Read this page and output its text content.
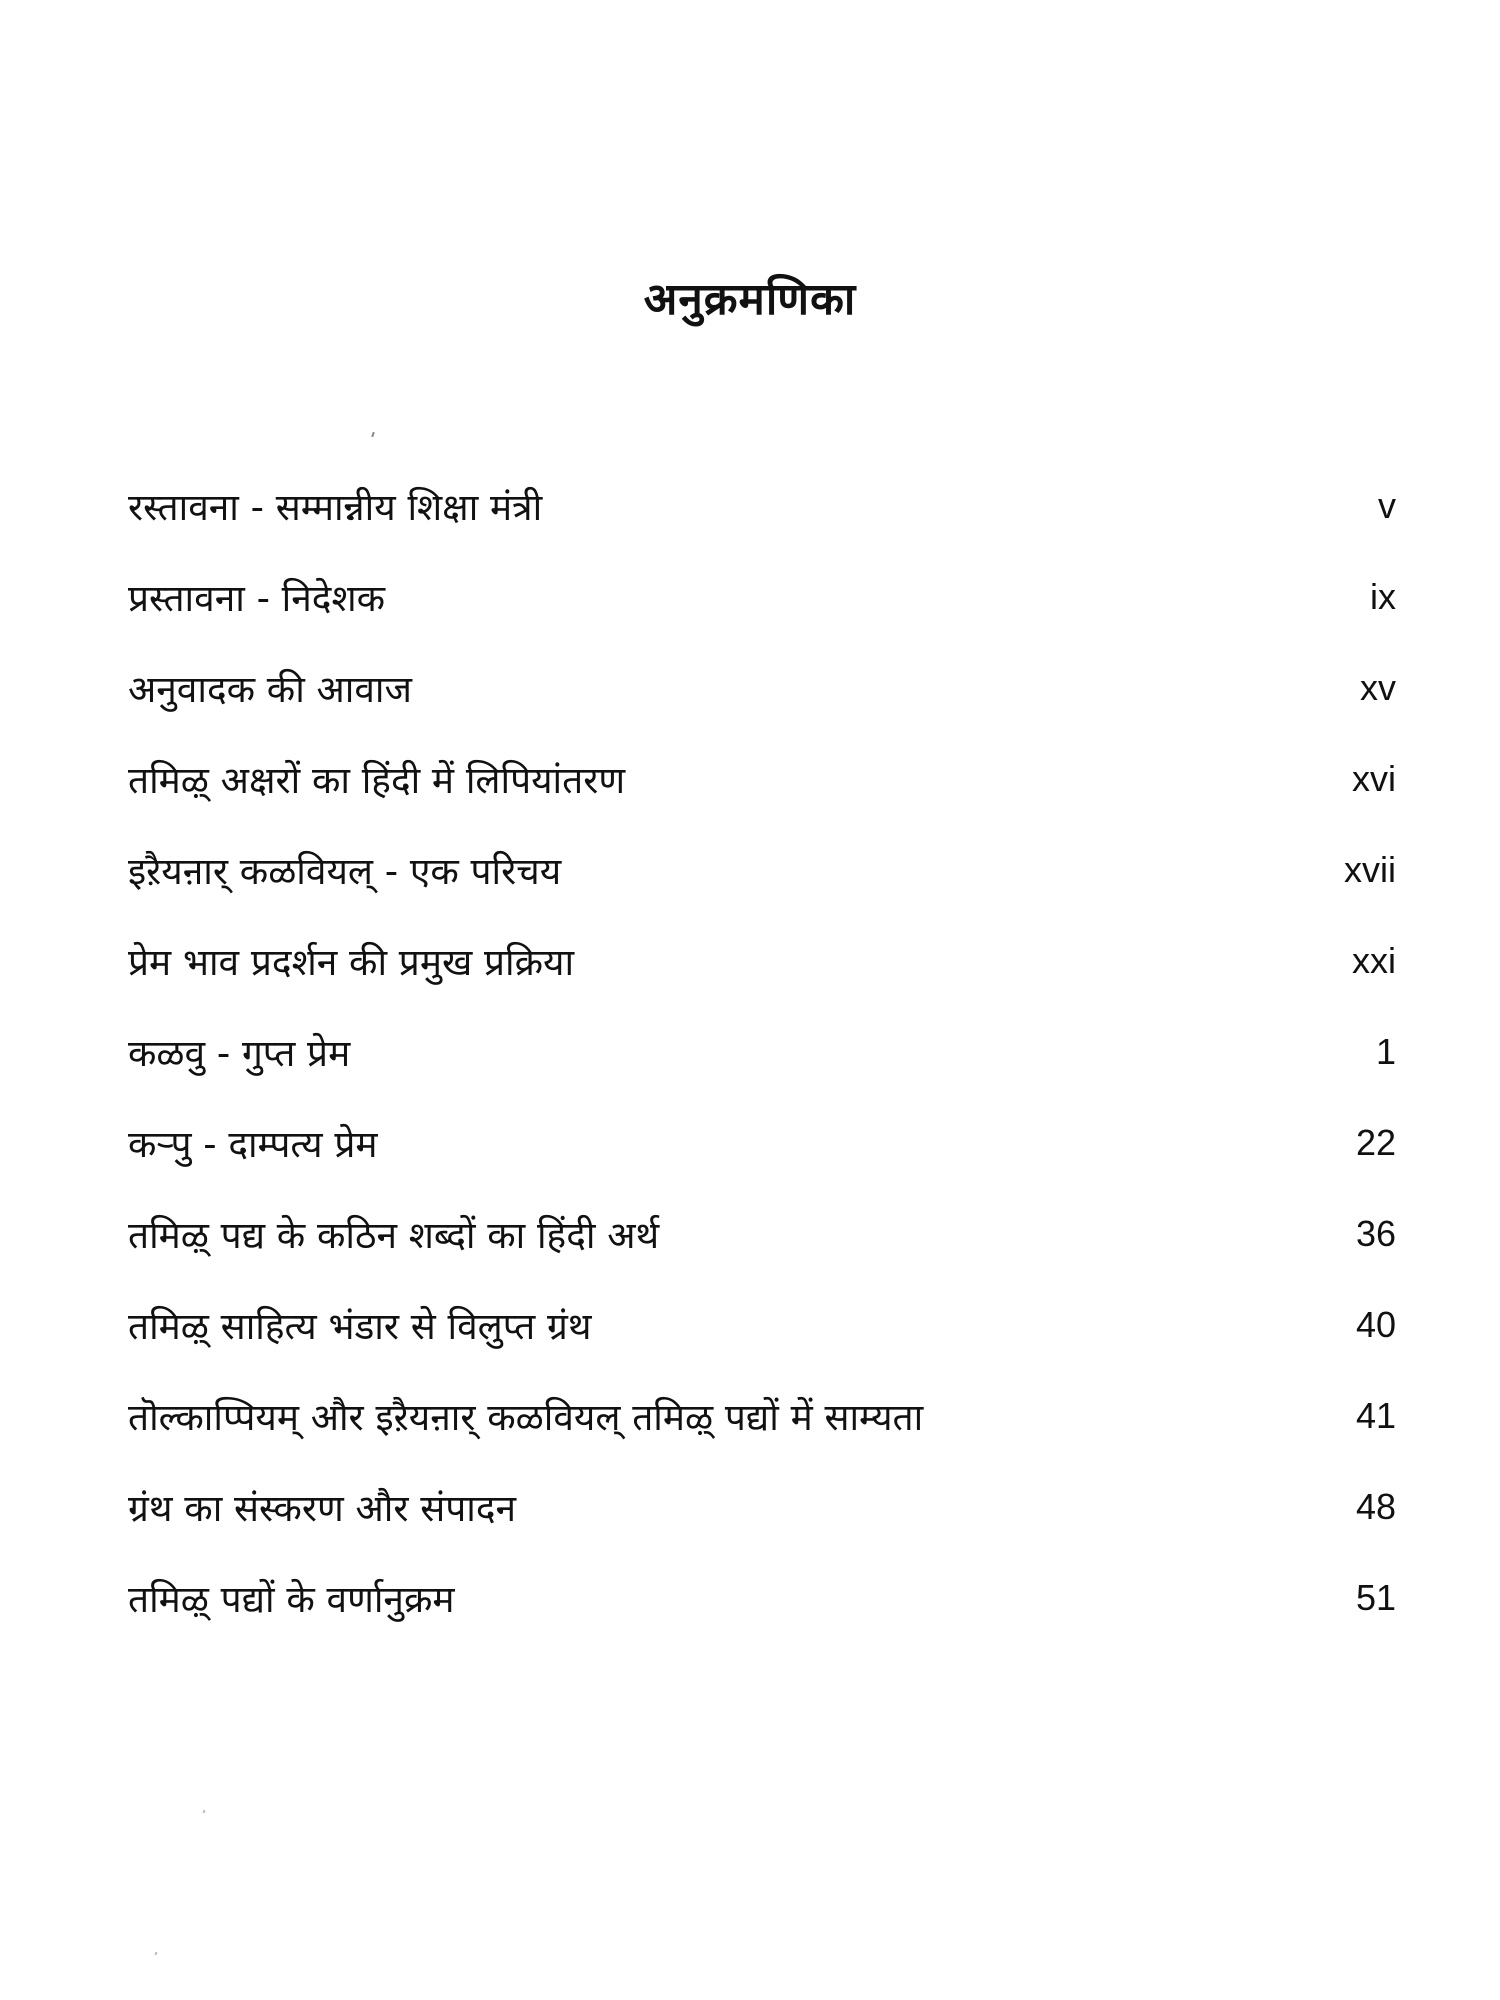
अनुक्रमणिका
रस्तावना - सम्मान्नीय शिक्षा मंत्री	v
प्रस्तावना - निदेशक	ix
अनुवादक की आवाज	xv
तमिऴ् अक्षरों का हिंदी में लिपियांतरण	xvi
इऱैयऩार् कळवियल् - एक परिचय	xvii
प्रेम भाव प्रदर्शन की प्रमुख प्रक्रिया	xxi
कळवु - गुप्त प्रेम	1
कऱ्पु - दाम्पत्य प्रेम	22
तमिऴ् पद्य के कठिन शब्दों का हिंदी अर्थ	36
तमिऴ् साहित्य भंडार से विलुप्त ग्रंथ	40
तॊल्काप्पियम् और इऱैयऩार् कळवियल् तमिऴ् पद्यों में साम्यता	41
ग्रंथ का संस्करण और संपादन	48
तमिऴ् पद्यों के वर्णानुक्रम	51
